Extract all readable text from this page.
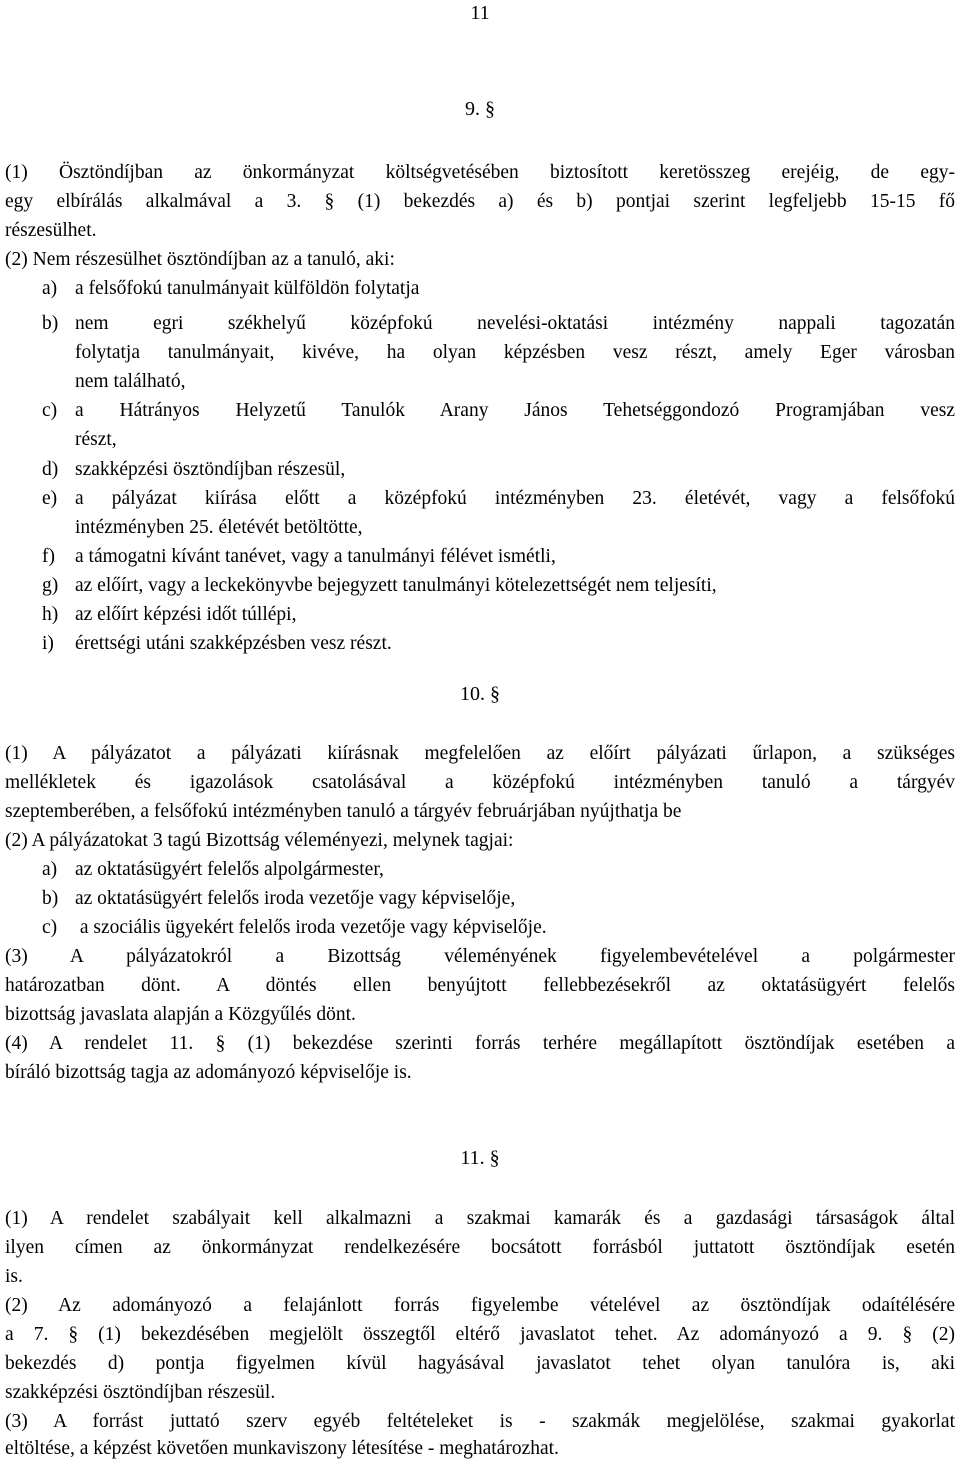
11
9. §
(1) Ösztöndíjban az önkormányzat költségvetésében biztosított keretösszeg erejéig, de egy-
egy elbírálás alkalmával a 3. § (1) bekezdés a) és b) pontjai szerint legfeljebb 15-15 fő
részesülhet.
(2) Nem részesülhet ösztöndíjban az a tanuló, aki:
a) a felsőfokú tanulmányait külföldön folytatja
b) nem egri székhelyű középfokú nevelési-oktatási intézmény nappali tagozatán
folytatja tanulmányait, kivéve, ha olyan képzésben vesz részt, amely Eger városban
nem található,
c) a Hátrányos Helyzetű Tanulók Arany János Tehetséggondozó Programjában vesz
részt,
d) szakképzési ösztöndíjban részesül,
e) a pályázat kiírása előtt a középfokú intézményben 23. életévét, vagy a felsőfokú
intézményben 25. életévét betöltötte,
f)	a támogatni kívánt tanévet, vagy a tanulmányi félévet ismétli,
g) az előírt, vagy a leckekönyvbe bejegyzett tanulmányi kötelezettségét nem teljesíti,
h) az előírt képzési időt túllépi,
i)	érettségi utáni szakképzésben vesz részt.
10. §
(1) A pályázatot a pályázati kiírásnak megfelelően az előírt pályázati űrlapon, a szükséges
mellékletek és igazolások csatolásával a középfokú intézményben tanuló a tárgyév
szeptemberében, a felsőfokú intézményben tanuló a tárgyév februárjában nyújthatja be
(2) A pályázatokat 3 tagú Bizottság véleményezi, melynek tagjai:
a) az oktatásügyért felelős alpolgármester,
b) az oktatásügyért felelős iroda vezetője vagy képviselője,
c) a szociális ügyekért felelős iroda vezetője vagy képviselője.
(3) A pályázatokról a Bizottság véleményének figyelembevételével a polgármester
határozatban dönt. A döntés ellen benyújtott fellebbezésekről az oktatásügyért felelős
bizottság javaslata alapján a Közgyűlés dönt.
(4) A rendelet 11. § (1) bekezdése szerinti forrás terhére megállapított ösztöndíjak esetében a
bíráló bizottság tagja az adományozó képviselője is.
11. §
(1) A rendelet szabályait kell alkalmazni a szakmai kamarák és a gazdasági társaságok által
ilyen címen az önkormányzat rendelkezésére bocsátott forrásból juttatott ösztöndíjak esetén
is.
(2) Az adományozó a felajánlott forrás figyelembe vételével az ösztöndíjak odaítélésére
a 7. § (1) bekezdésében megjelölt összegtől eltérő javaslatot tehet. Az adományozó a 9. § (2)
bekezdés d) pontja figyelmen kívül hagyásával javaslatot tehet olyan tanulóra is, aki
szakképzési ösztöndíjban részesül.
(3) A forrást juttató szerv egyéb feltételeket is - szakmák megjelölése, szakmai gyakorlat
eltöltése, a képzést követően munkaviszony létesítése - meghatározhat.
